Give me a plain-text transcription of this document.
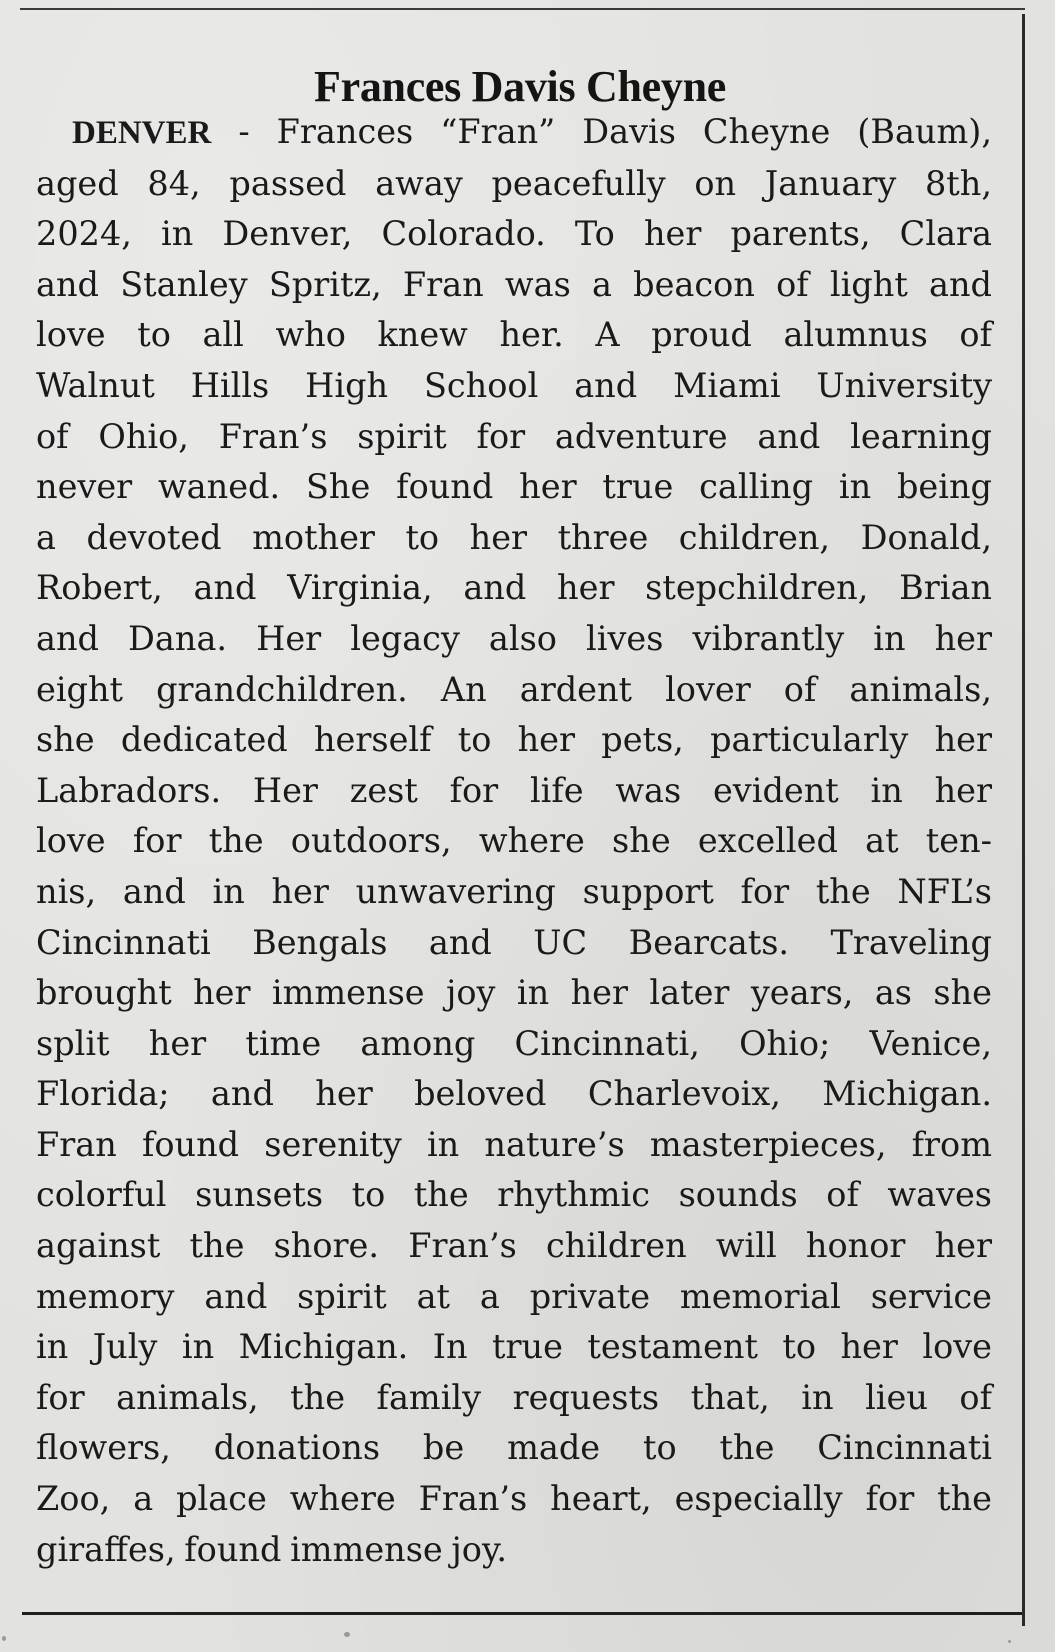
Frances Davis Cheyne
DENVER - Frances “Fran” Davis Cheyne (Baum),
aged 84, passed away peacefully on January 8th,
2024, in Denver, Colorado. To her parents, Clara
and Stanley Spritz, Fran was a beacon of light and
love to all who knew her. A proud alumnus of
Walnut Hills High School and Miami University
of Ohio, Fran’s spirit for adventure and learning
never waned. She found her true calling in being
a devoted mother to her three children, Donald,
Robert, and Virginia, and her stepchildren, Brian
and Dana. Her legacy also lives vibrantly in her
eight grandchildren. An ardent lover of animals,
she dedicated herself to her pets, particularly her
Labradors. Her zest for life was evident in her
love for the outdoors, where she excelled at ten-
nis, and in her unwavering support for the NFL’s
Cincinnati Bengals and UC Bearcats. Traveling
brought her immense joy in her later years, as she
split her time among Cincinnati, Ohio; Venice,
Florida; and her beloved Charlevoix, Michigan.
Fran found serenity in nature’s masterpieces, from
colorful sunsets to the rhythmic sounds of waves
against the shore. Fran’s children will honor her
memory and spirit at a private memorial service
in July in Michigan. In true testament to her love
for animals, the family requests that, in lieu of
flowers, donations be made to the Cincinnati
Zoo, a place where Fran’s heart, especially for the
giraffes, found immense joy.
